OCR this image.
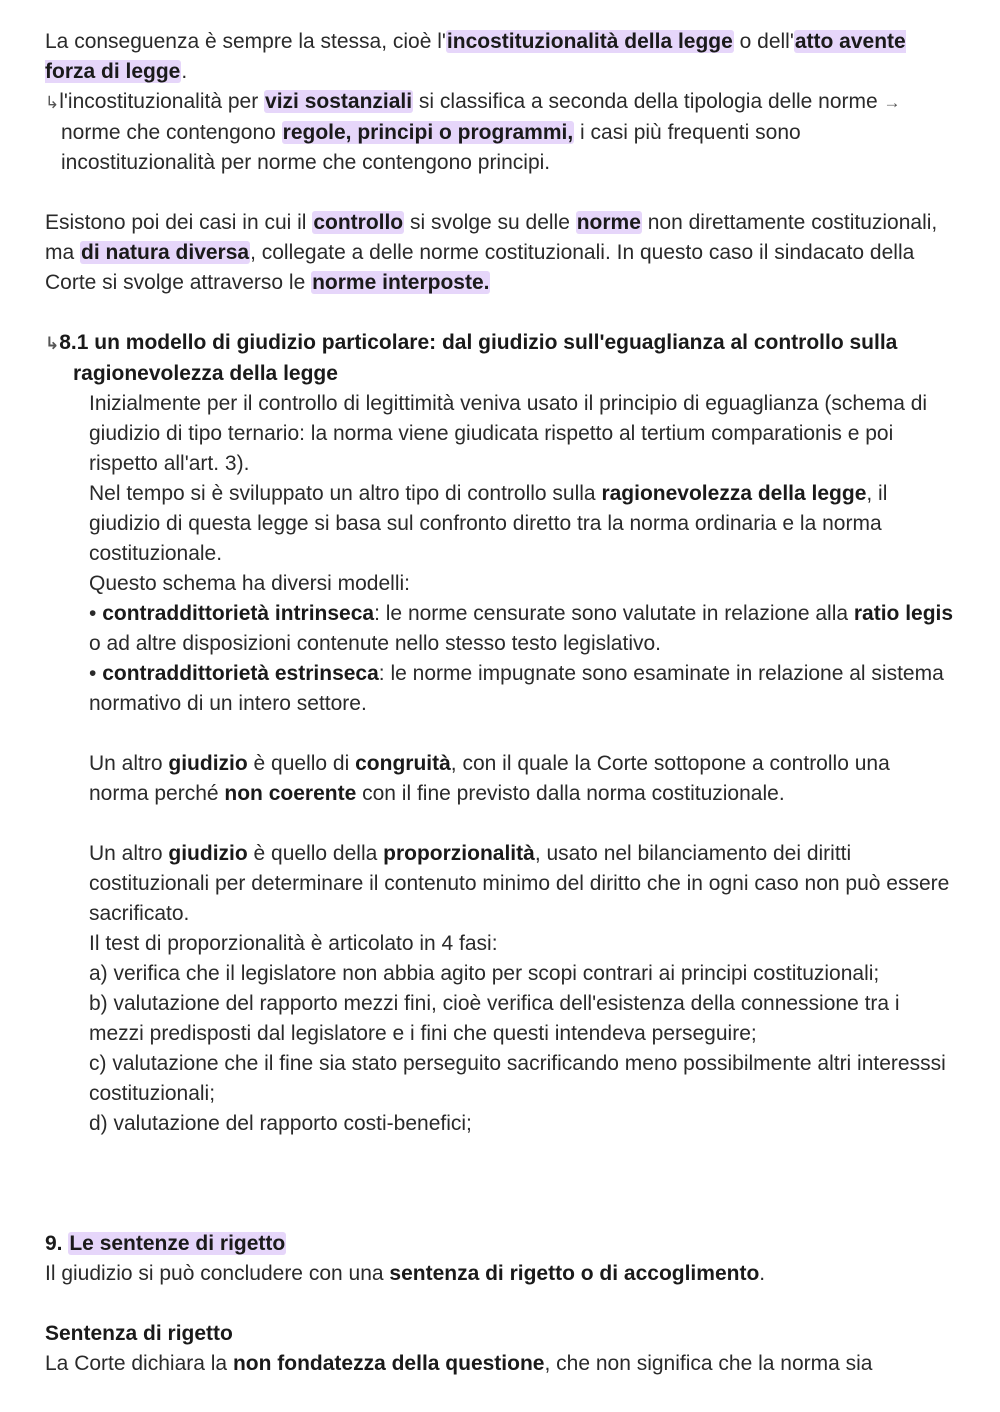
La conseguenza è sempre la stessa, cioè l'incostituzionalità della legge o dell'atto avente forza di legge.

↳l'incostituzionalità per vizi sostanziali si classifica a seconda della tipologia delle norme → norme che contengono regole, principi o programmi, i casi più frequenti sono incostituzionalità per norme che contengono principi.

Esistono poi dei casi in cui il controllo si svolge su delle norme non direttamente costituzionali, ma di natura diversa, collegate a delle norme costituzionali. In questo caso il sindacato della Corte si svolge attraverso le norme interposte.

↳8.1 un modello di giudizio particolare: dal giudizio sull'eguaglianza al controllo sulla ragionevolezza della legge

Inizialmente per il controllo di legittimità veniva usato il principio di eguaglianza (schema di giudizio di tipo ternario: la norma viene giudicata rispetto al tertium comparationis e poi rispetto all'art. 3).

Nel tempo si è sviluppato un altro tipo di controllo sulla ragionevolezza della legge, il giudizio di questa legge si basa sul confronto diretto tra la norma ordinaria e la norma costituzionale.

Questo schema ha diversi modelli:

• contraddittorietà intrinseca: le norme censurate sono valutate in relazione alla ratio legis o ad altre disposizioni contenute nello stesso testo legislativo.

• contraddittorietà estrinseca: le norme impugnate sono esaminate in relazione al sistema normativo di un intero settore.

Un altro giudizio è quello di congruità, con il quale la Corte sottopone a controllo una norma perché non coerente con il fine previsto dalla norma costituzionale.

Un altro giudizio è quello della proporzionalità, usato nel bilanciamento dei diritti costituzionali per determinare il contenuto minimo del diritto che in ogni caso non può essere sacrificato.

Il test di proporzionalità è articolato in 4 fasi:

a) verifica che il legislatore non abbia agito per scopi contrari ai principi costituzionali;

b) valutazione del rapporto mezzi fini, cioè verifica dell'esistenza della connessione tra i mezzi predisposti dal legislatore e i fini che questi intendeva perseguire;

c) valutazione che il fine sia stato perseguito sacrificando meno possibilmente altri interesssi costituzionali;

d) valutazione del rapporto costi-benefici;

9. Le sentenze di rigetto

Il giudizio si può concludere con una sentenza di rigetto o di accoglimento.

Sentenza di rigetto

La Corte dichiara la non fondatezza della questione, che non significa che la norma sia
